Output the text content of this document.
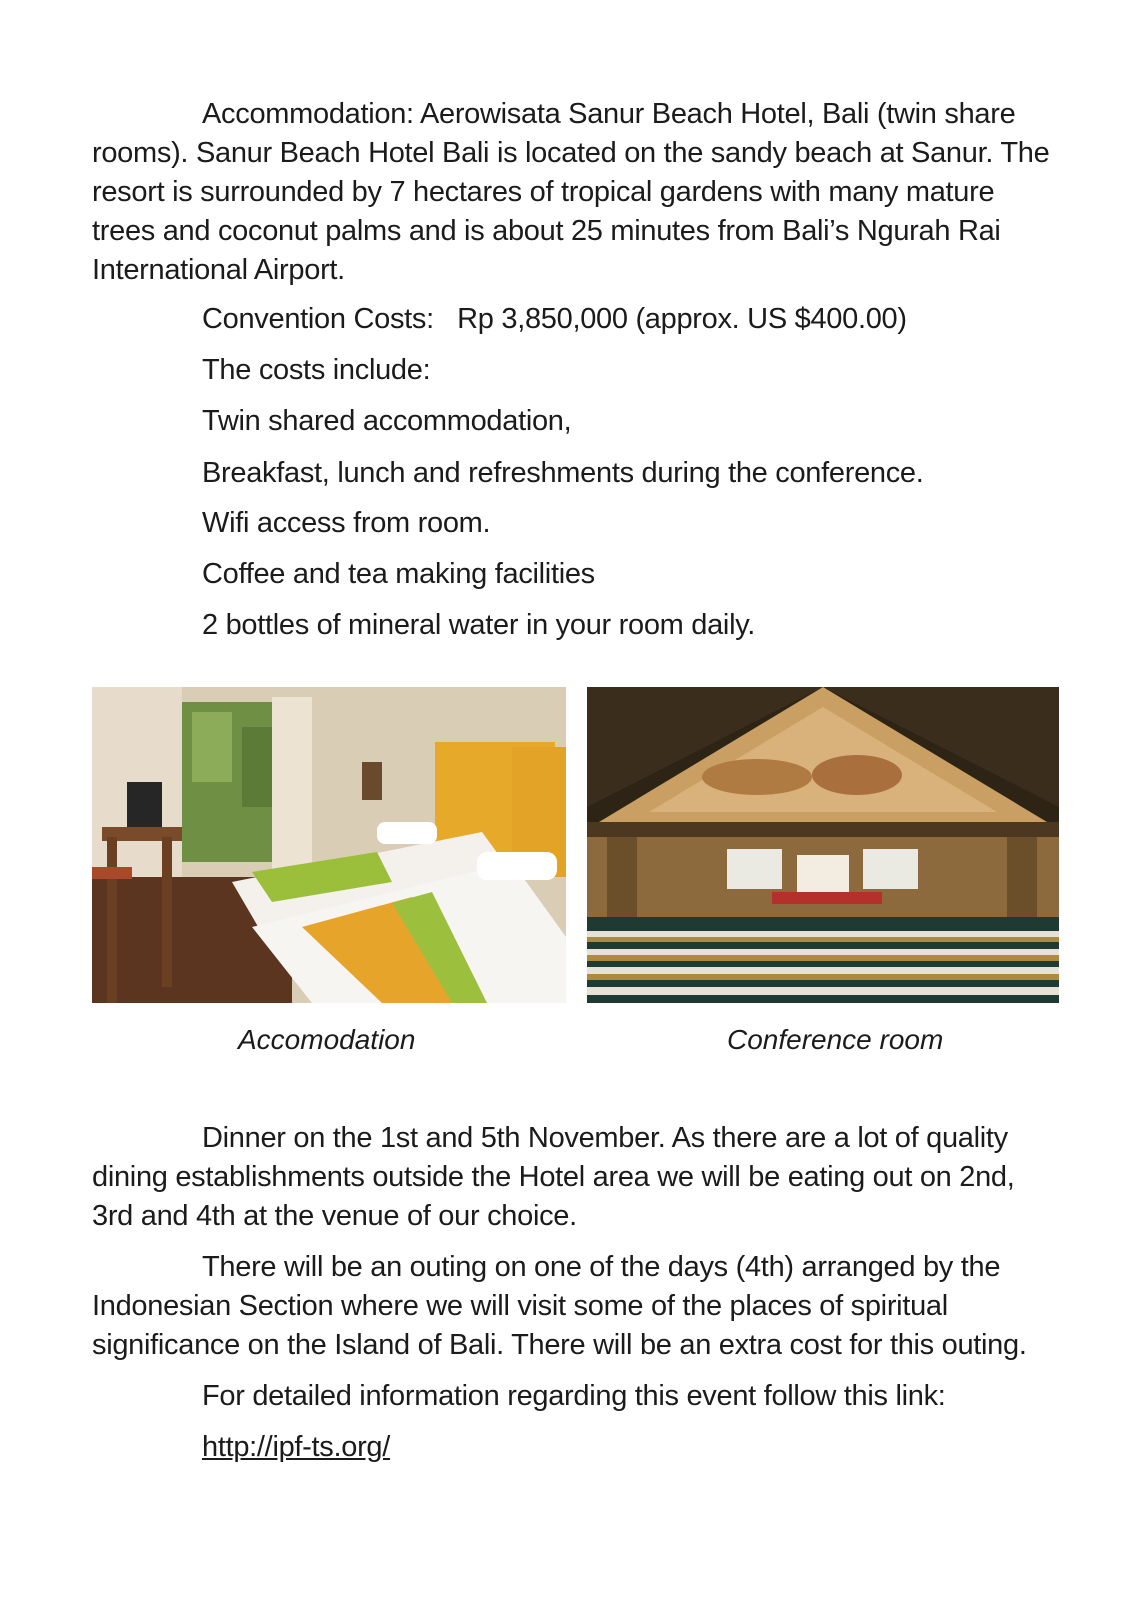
Accommodation: Aerowisata Sanur Beach Hotel, Bali (twin share rooms). Sanur Beach Hotel Bali is located on the sandy beach at Sanur. The resort is surrounded by 7 hectares of tropical gardens with many mature trees and coconut palms and is about 25 minutes from Bali’s Ngurah Rai International Airport.

Convention Costs: Rp 3,850,000 (approx. US $400.00)

The costs include:

Twin shared accommodation,

Breakfast, lunch and refreshments during the conference.

Wifi access from room.

Coffee and tea making facilities

2 bottles of mineral water in your room daily.

Accomodation	Conference room

Dinner on the 1st and 5th November. As there are a lot of quality dining establishments outside the Hotel area we will be eating out on 2nd, 3rd and 4th at the venue of our choice.

There will be an outing on one of the days (4th) arranged by the Indonesian Section where we will visit some of the places of spiritual significance on the Island of Bali. There will be an extra cost for this outing.

For detailed information regarding this event follow this link:

http://ipf-ts.org/
